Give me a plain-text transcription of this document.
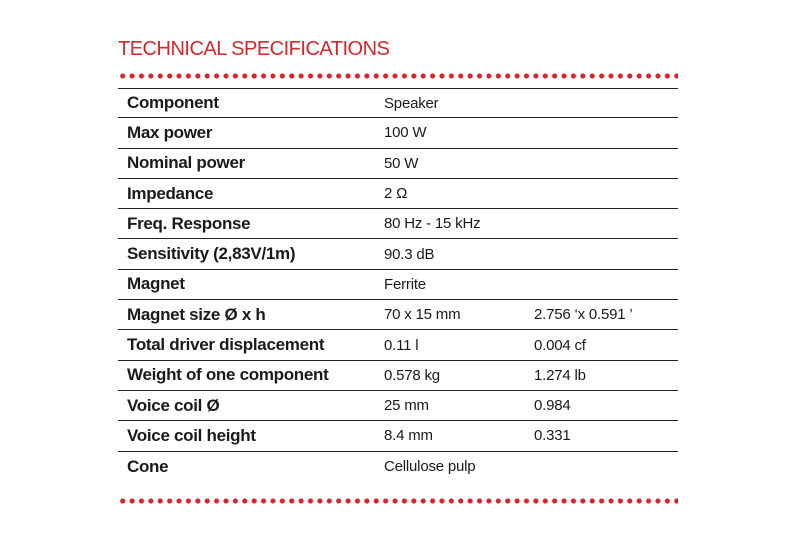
TECHNICAL SPECIFICATIONS
Component	Speaker
Max power	100 W
Nominal power	50 W
Impedance	2 Ω
Freq. Response	80 Hz - 15 kHz
Sensitivity (2,83V/1m)	90.3 dB
Magnet	Ferrite
Magnet size Ø x h	70 x 15 mm	2.756 ‘x 0.591 ’
Total driver displacement	0.11 l	0.004 cf
Weight of one component	0.578 kg	1.274 lb
Voice coil Ø	25 mm	0.984
Voice coil height	8.4 mm	0.331
Cone	Cellulose pulp
